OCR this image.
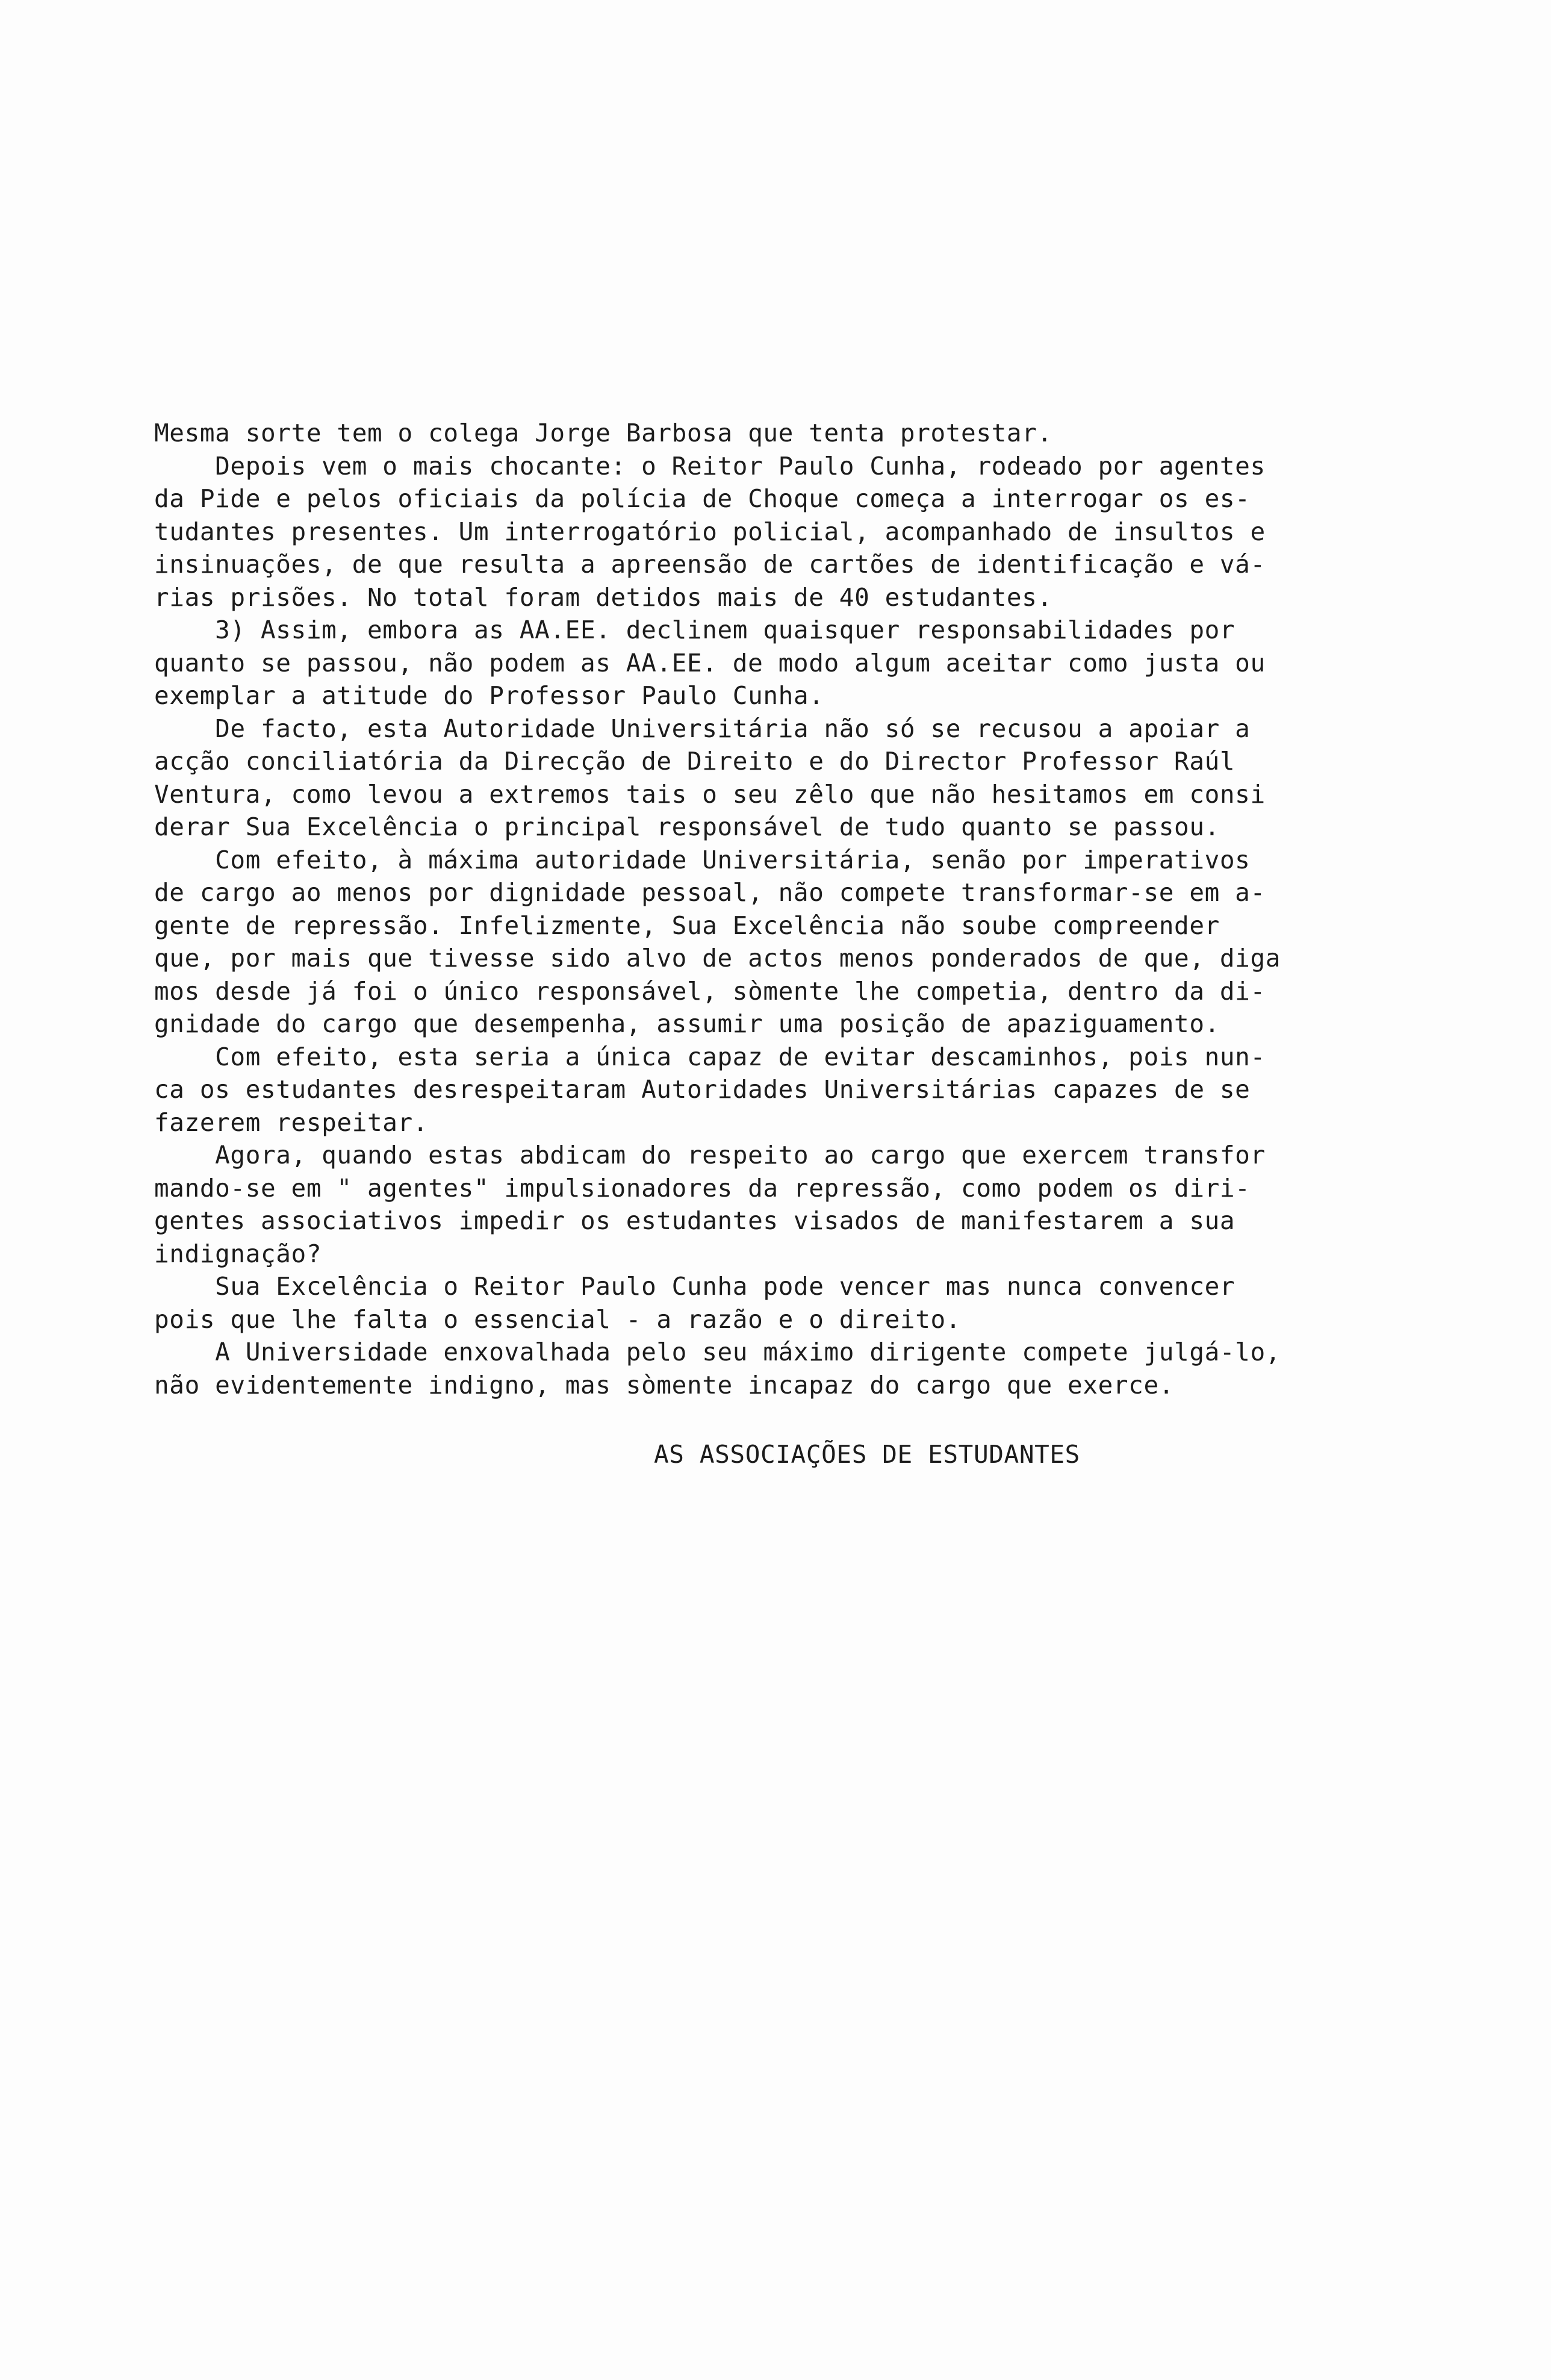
Mesma sorte tem o colega Jorge Barbosa que tenta protestar.
Depois vem o mais chocante: o Reitor Paulo Cunha, rodeado por agentes
da Pide e pelos oficiais da polícia de Choque começa a interrogar os es-
tudantes presentes. Um interrogatório policial, acompanhado de insultos e
insinuações, de que resulta a apreensão de cartões de identificação e vá-
rias prisões. No total foram detidos mais de 40 estudantes.
3) Assim, embora as AA.EE. declinem quaisquer responsabilidades por
quanto se passou, não podem as AA.EE. de modo algum aceitar como justa ou
exemplar a atitude do Professor Paulo Cunha.
De facto, esta Autoridade Universitária não só se recusou a apoiar a
acção conciliatória da Direcção de Direito e do Director Professor Raúl
Ventura, como levou a extremos tais o seu zêlo que não hesitamos em consi
derar Sua Excelência o principal responsável de tudo quanto se passou.
Com efeito, à máxima autoridade Universitária, senão por imperativos
de cargo ao menos por dignidade pessoal, não compete transformar-se em a-
gente de repressão. Infelizmente, Sua Excelência não soube compreender
que, por mais que tivesse sido alvo de actos menos ponderados de que, diga
mos desde já foi o único responsável, sòmente lhe competia, dentro da di-
gnidade do cargo que desempenha, assumir uma posição de apaziguamento.
Com efeito, esta seria a única capaz de evitar descaminhos, pois nun-
ca os estudantes desrespeitaram Autoridades Universitárias capazes de se
fazerem respeitar.
Agora, quando estas abdicam do respeito ao cargo que exercem transfor
mando-se em " agentes" impulsionadores da repressão, como podem os diri-
gentes associativos impedir os estudantes visados de manifestarem a sua
indignação?
Sua Excelência o Reitor Paulo Cunha pode vencer mas nunca convencer
pois que lhe falta o essencial - a razão e o direito.
A Universidade enxovalhada pelo seu máximo dirigente compete julgá-lo,
não evidentemente indigno, mas sòmente incapaz do cargo que exerce.
AS ASSOCIAÇÕES DE ESTUDANTES
